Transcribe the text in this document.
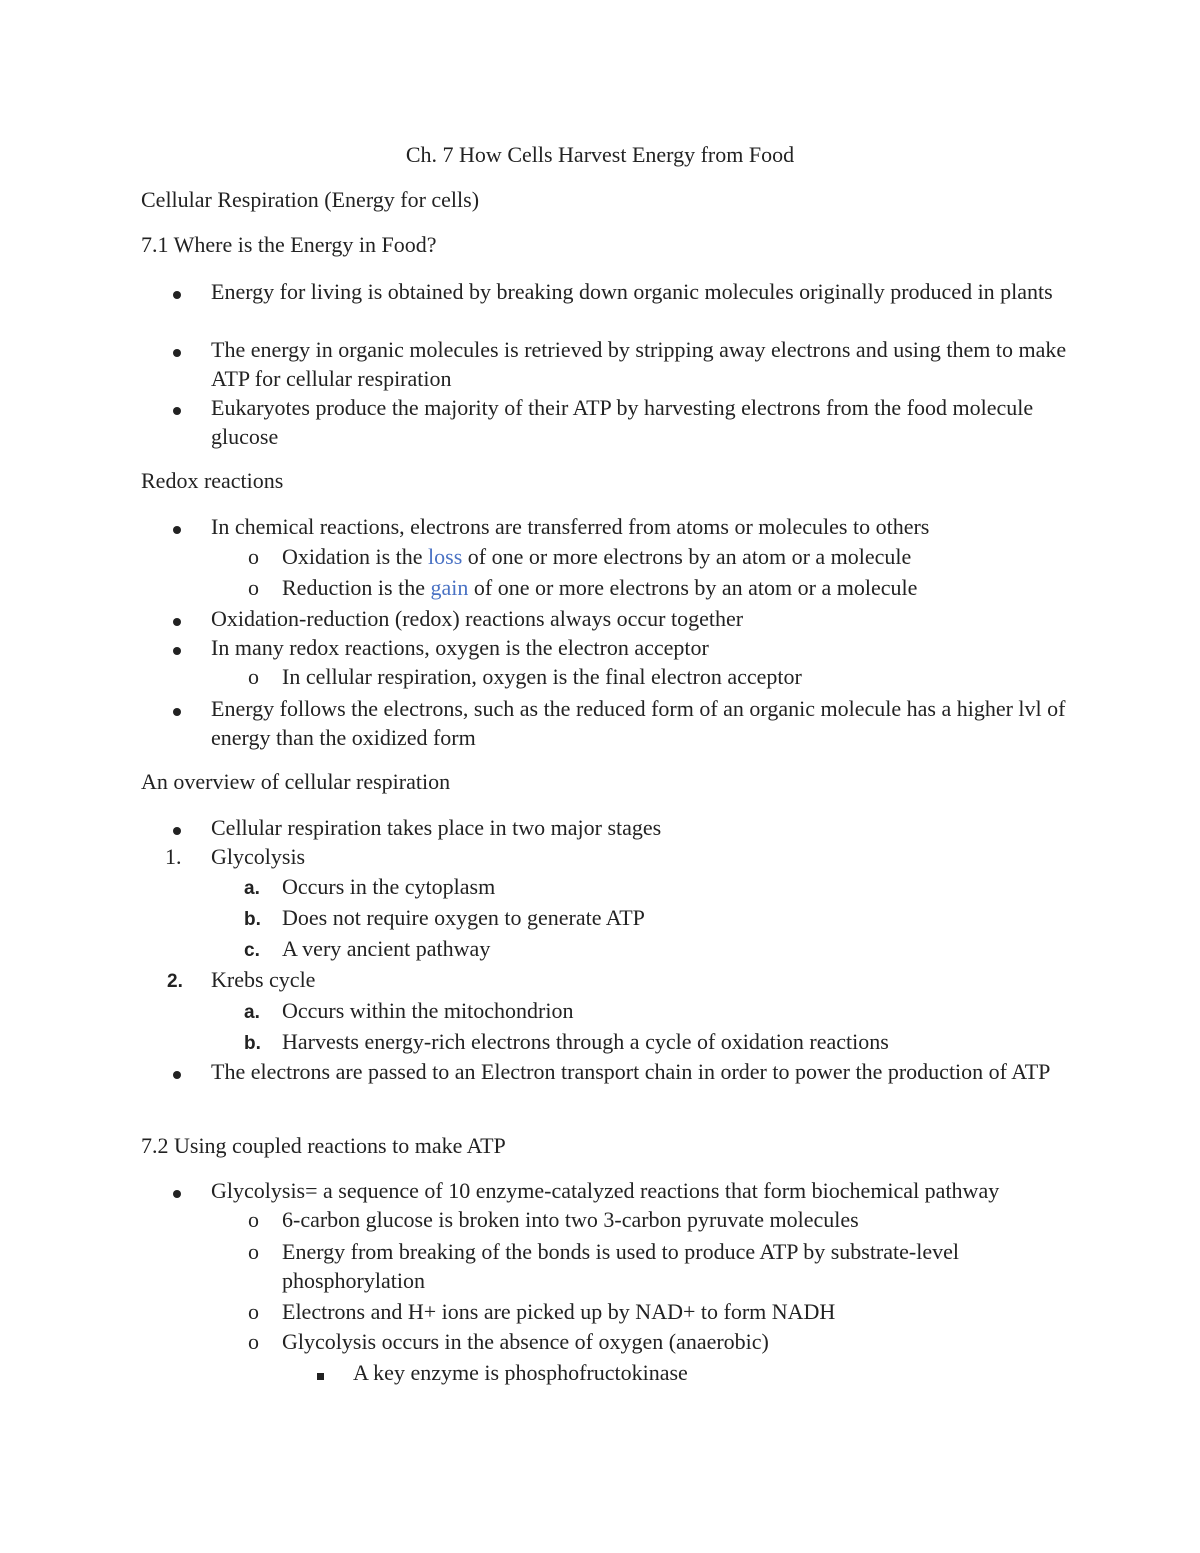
Ch. 7 How Cells Harvest Energy from Food
Cellular Respiration (Energy for cells)
7.1 Where is the Energy in Food?
Energy for living is obtained by breaking down organic molecules originally produced in plants
The energy in organic molecules is retrieved by stripping away electrons and using them to make ATP for cellular respiration
Eukaryotes produce the majority of their ATP by harvesting electrons from the food molecule glucose
Redox reactions
In chemical reactions, electrons are transferred from atoms or molecules to others
o	Oxidation is the loss of one or more electrons by an atom or a molecule
o	Reduction is the gain of one or more electrons by an atom or a molecule
Oxidation-reduction (redox) reactions always occur together
In many redox reactions, oxygen is the electron acceptor
o	In cellular respiration, oxygen is the final electron acceptor
Energy follows the electrons, such as the reduced form of an organic molecule has a higher lvl of energy than the oxidized form
An overview of cellular respiration
Cellular respiration takes place in two major stages
1.	Glycolysis
a.	Occurs in the cytoplasm
b. Does not require oxygen to generate ATP
c.	A very ancient pathway
2.	Krebs cycle
a.	Occurs within the mitochondrion
b. Harvests energy-rich electrons through a cycle of oxidation reactions
The electrons are passed to an Electron transport chain in order to power the production of ATP
7.2 Using coupled reactions to make ATP
Glycolysis= a sequence of 10 enzyme-catalyzed reactions that form biochemical pathway
o	6-carbon glucose is broken into two 3-carbon pyruvate molecules
o	Energy from breaking of the bonds is used to produce ATP by substrate-level phosphorylation
o	Electrons and H+ ions are picked up by NAD+ to form NADH
o	Glycolysis occurs in the absence of oxygen (anaerobic)
A key enzyme is phosphofructokinase
